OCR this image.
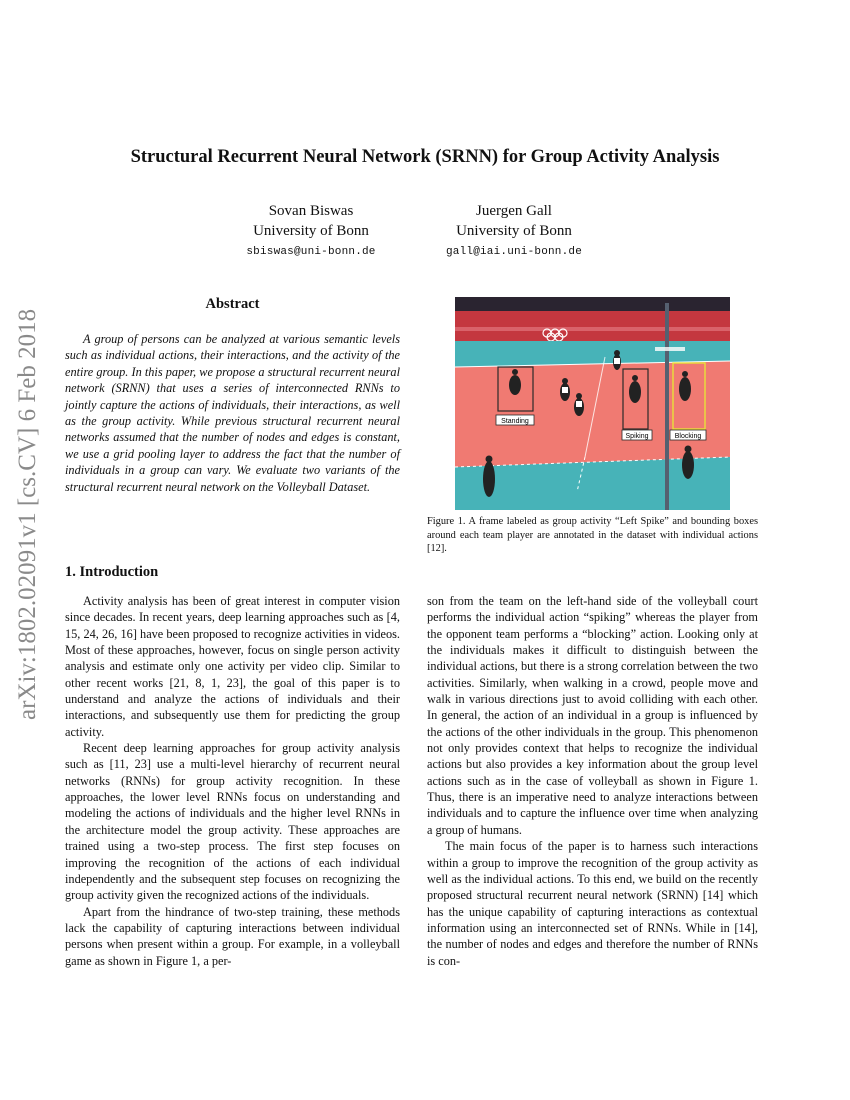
arXiv:1802.02091v1 [cs.CV] 6 Feb 2018
Structural Recurrent Neural Network (SRNN) for Group Activity Analysis
Sovan Biswas
University of Bonn
sbiswas@uni-bonn.de
Juergen Gall
University of Bonn
gall@iai.uni-bonn.de
Abstract
A group of persons can be analyzed at various semantic levels such as individual actions, their interactions, and the activity of the entire group. In this paper, we propose a structural recurrent neural network (SRNN) that uses a series of interconnected RNNs to jointly capture the actions of individuals, their interactions, as well as the group activity. While previous structural recurrent neural networks assumed that the number of nodes and edges is constant, we use a grid pooling layer to address the fact that the number of individuals in a group can vary. We evaluate two variants of the structural recurrent neural network on the Volleyball Dataset.
Standing
Spiking	Blocking
Figure 1. A frame labeled as group activity “Left Spike” and bounding boxes around each team player are annotated in the dataset with individual actions [12].
1. Introduction

Activity analysis has been of great interest in computer vision since decades. In recent years, deep learning approaches such as [4, 15, 24, 26, 16] have been proposed to recognize activities in videos. Most of these approaches, however, focus on single person activity analysis and estimate only one activity per video clip. Similar to other recent works [21, 8, 1, 23], the goal of this paper is to understand and analyze the actions of individuals and their interactions, and subsequently use them for predicting the group activity.

Recent deep learning approaches for group activity analysis such as [11, 23] use a multi-level hierarchy of recurrent neural networks (RNNs) for group activity recognition. In these approaches, the lower level RNNs focus on understanding and modeling the actions of individuals and the higher level RNNs in the architecture model the group activity. These approaches are trained using a two-step process. The first step focuses on improving the recognition of the actions of each individual independently and the subsequent step focuses on recognizing the group activity given the recognized actions of the individuals.

Apart from the hindrance of two-step training, these methods lack the capability of capturing interactions between individual persons when present within a group. For example, in a volleyball game as shown in Figure 1, a per-

son from the team on the left-hand side of the volleyball court performs the individual action “spiking” whereas the player from the opponent team performs a “blocking” action. Looking only at the individuals makes it difficult to distinguish between the individual actions, but there is a strong correlation between the two activities. Similarly, when walking in a crowd, people move and walk in various directions just to avoid colliding with each other. In general, the action of an individual in a group is influenced by the actions of the other individuals in the group. This phenomenon not only provides context that helps to recognize the individual actions but also provides a key information about the group level actions such as in the case of volleyball as shown in Figure 1. Thus, there is an imperative need to analyze interactions between individuals and to capture the influence over time when analyzing a group of humans.

The main focus of the paper is to harness such interactions within a group to improve the recognition of the group activity as well as the individual actions. To this end, we build on the recently proposed structural recurrent neural network (SRNN) [14] which has the unique capability of capturing interactions as contextual information using an interconnected set of RNNs. While in [14], the number of nodes and edges and therefore the number of RNNs is con-
